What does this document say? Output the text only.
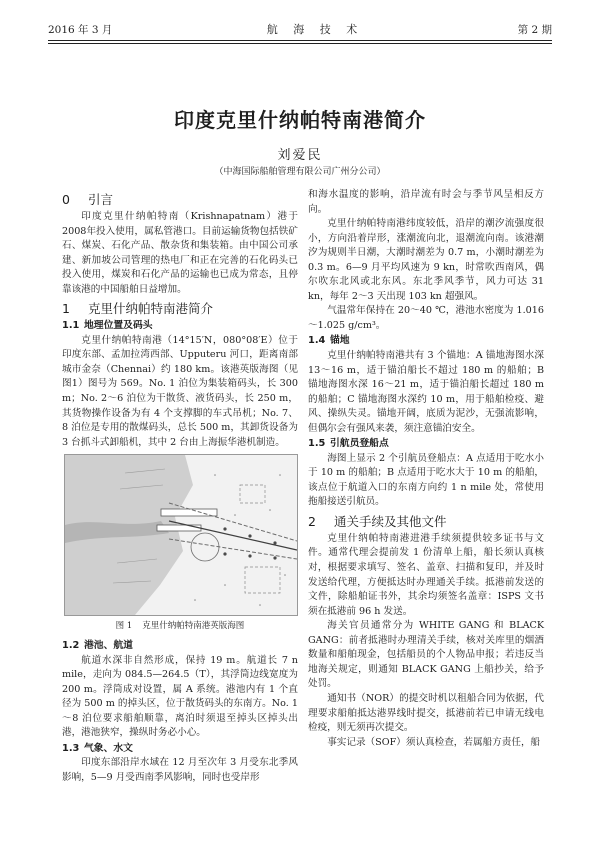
2016 年 3 月	航 海 技 术	第 2 期
印度克里什纳帕特南港简介
刘爱民
（中海国际船舶管理有限公司广州分公司）
0 引言

印度克里什纳帕特南（Krishnapatnam）港于2008年投入使用，属私管港口。目前运输货物包括铁矿石、煤炭、石化产品、散杂货和集装箱。由中国公司承建、新加坡公司管理的热电厂和正在完善的石化码头已投入使用，煤炭和石化产品的运输也已成为常态，且停靠该港的中国船舶日益增加。

1 克里什纳帕特南港简介
1.1 地理位置及码头

克里什纳帕特南港（14°15′N，080°08′E）位于印度东部、孟加拉湾西部、Upputeru 河口，距离南部城市金奈（Chennai）约 180 km。该港英版海图（见图1）图号为 569。No. 1 泊位为集装箱码头，长 300 m；No. 2～6 泊位为干散货、液货码头，长 250 m，其货物操作设备为有 4 个支撑脚的车式吊机；No. 7、8 泊位是专用的散煤码头，总长 500 m，其卸货设备为 3 台抓斗式卸船机，其中 2 台由上海振华港机制造。

图 1 克里什纳帕特南港英版海图
1.2 港池、航道

航道水深非自然形成，保持 19 m。航道长 7 n mile，走向为 084.5—264.5（T），其浮筒边线宽度为 200 m。浮筒成对设置，属 A 系统。港池内有 1 个直径为 500 m 的掉头区，位于散货码头的东南方。No. 1～8 泊位要求船舶顺靠，离泊时须退至掉头区掉头出港，港池狭窄，操纵时务必小心。

1.3 气象、水文

印度东部沿岸水域在 12 月至次年 3 月受东北季风影响，5—9 月受西南季风影响，同时也受岸形

和海水温度的影响，沿岸流有时会与季节风呈相反方向。

克里什纳帕特南港纬度较低，沿岸的潮汐流强度很小，方向沿着岸形，涨潮流向北，退潮流向南。该港潮汐为规则半日潮，大潮时潮差为 0.7 m，小潮时潮差为 0.3 m。6—9 月平均风速为 9 kn，时常吹西南风，偶尔吹东北风或北东风。东北季风季节，风力可达 31 kn，每年 2～3 天出现 103 kn 超强风。

气温常年保持在 20～40 ℃，港池水密度为 1.016～1.025 g/cm³。

1.4 锚地

克里什纳帕特南港共有 3 个锚地：A 锚地海图水深 13～16 m，适于锚泊船长不超过 180 m 的船舶；B 锚地海图水深 16～21 m，适于锚泊船长超过 180 m 的船舶；C 锚地海图水深约 10 m，用于船舶检疫、避风、操纵失灵。锚地开阔，底质为泥沙，无强流影响，但偶尔会有强风来袭，须注意锚泊安全。

1.5 引航员登船点

海图上显示 2 个引航员登船点：A 点适用于吃水小于 10 m 的船舶；B 点适用于吃水大于 10 m 的船舶，该点位于航道入口的东南方向约 1 n mile 处，常使用拖船接送引航员。

2 通关手续及其他文件

克里什纳帕特南港进港手续须提供较多证书与文件。通常代理会提前发 1 份清单上船，船长须认真核对，根据要求填写、签名、盖章、扫描和复印，并及时发送给代理，方便抵达时办理通关手续。抵港前发送的文件，除船舶证书外，其余均须签名盖章：ISPS 文书须在抵港前 96 h 发送。

海关官员通常分为 WHITE GANG 和 BLACK GANG：前者抵港时办理清关手续，核对关库里的烟酒数量和船舶现金，包括船员的个人物品申报；若违反当地海关规定，则通知 BLACK GANG 上船抄关，给予处罚。

通知书（NOR）的提交时机以租船合同为依据，代理要求船舶抵达港界线时提交，抵港前若已申请无线电检疫，则无须再次提交。

事实记录（SOF）须认真检查，若属船方责任，船
